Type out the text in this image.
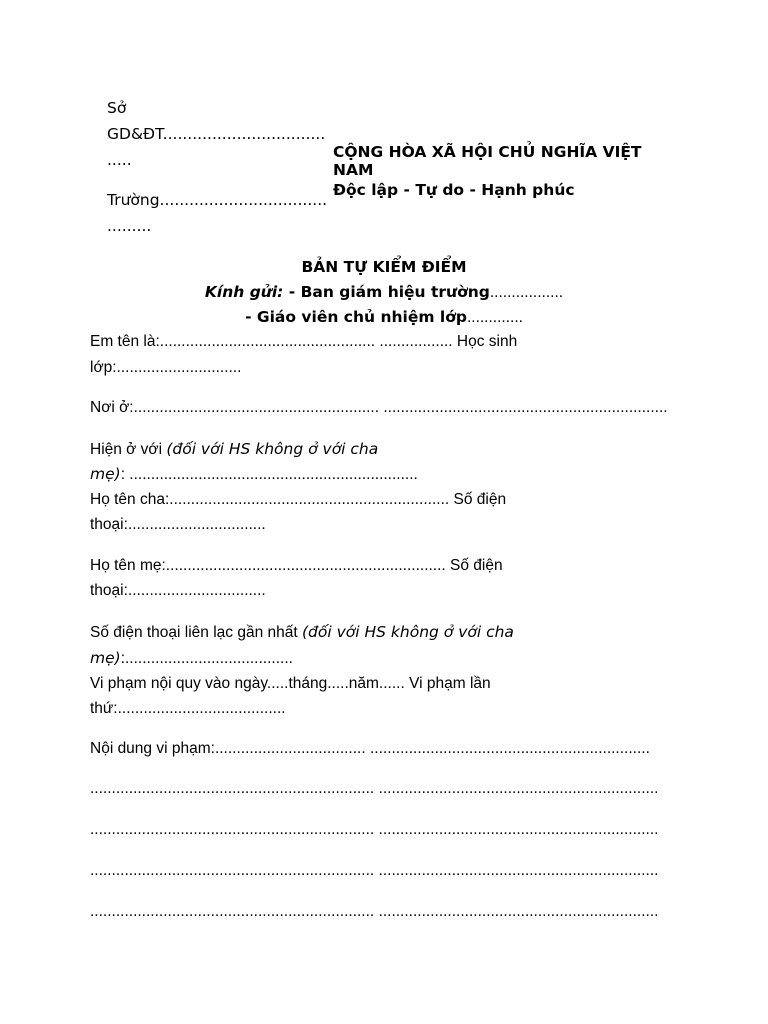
Sở
GD&ĐT.................................
.....
Trường..................................
.........
CỘNG HÒA XÃ HỘI CHỦ NGHĨA VIỆT
NAM
Độc lập - Tự do - Hạnh phúc
BẢN TỰ KIỂM ĐIỂM
Kính gửi: - Ban giám hiệu trường.................
- Giáo viên chủ nhiệm lớp.............
Em tên là:.................................................. ................. Học sinh
lớp:.............................
Nơi ở:......................................................... ..................................................................
Hiện ở với (đối với HS không ở với cha
mẹ): ...................................................................
Họ tên cha:................................................................. Số điện
thoại:................................
Họ tên mẹ:................................................................. Số điện
thoại:................................
Số điện thoại liên lạc gần nhất (đối với HS không ở với cha
mẹ):.......................................
Vi phạm nội quy vào ngày.....tháng.....năm...... Vi phạm lần
thứ:.......................................
Nội dung vi phạm:................................... .................................................................
.................................................................. .................................................................
.................................................................. .................................................................
.................................................................. .................................................................
.................................................................. .................................................................
